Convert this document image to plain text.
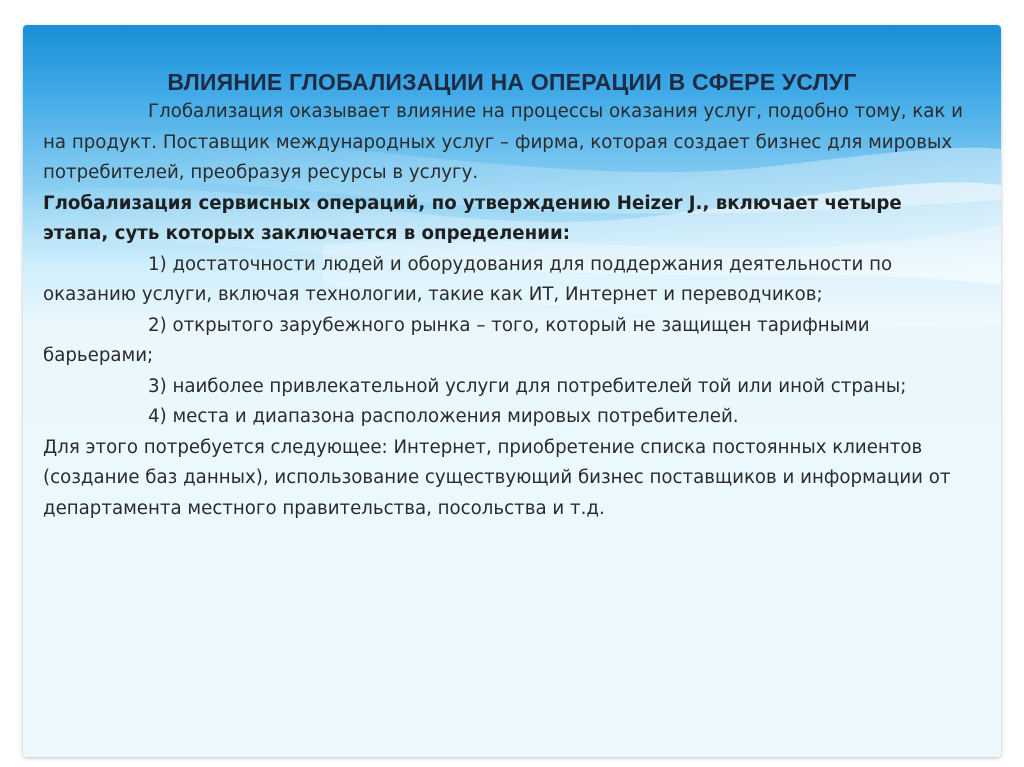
ВЛИЯНИЕ ГЛОБАЛИЗАЦИИ НА ОПЕРАЦИИ В СФЕРЕ УСЛУГ

Глобализация оказывает влияние на процессы оказания услуг, подобно тому, как и на продукт. Поставщик международных услуг – фирма, которая создает бизнес для мировых потребителей, преобразуя ресурсы в услугу.

Глобализация сервисных операций, по утверждению Heizer J., включает четыре этапа, суть которых заключается в определении:

1) достаточности людей и оборудования для поддержания деятельности по оказанию услуги, включая технологии, такие как ИТ, Интернет и переводчиков;

2) открытого зарубежного рынка – того, который не защищен тарифными барьерами;

3) наиболее привлекательной услуги для потребителей той или иной страны;

4) места и диапазона расположения мировых потребителей.

Для этого потребуется следующее: Интернет, приобретение списка постоянных клиентов (создание баз данных), использование существующий бизнес поставщиков и информации от департамента местного правительства, посольства и т.д.
